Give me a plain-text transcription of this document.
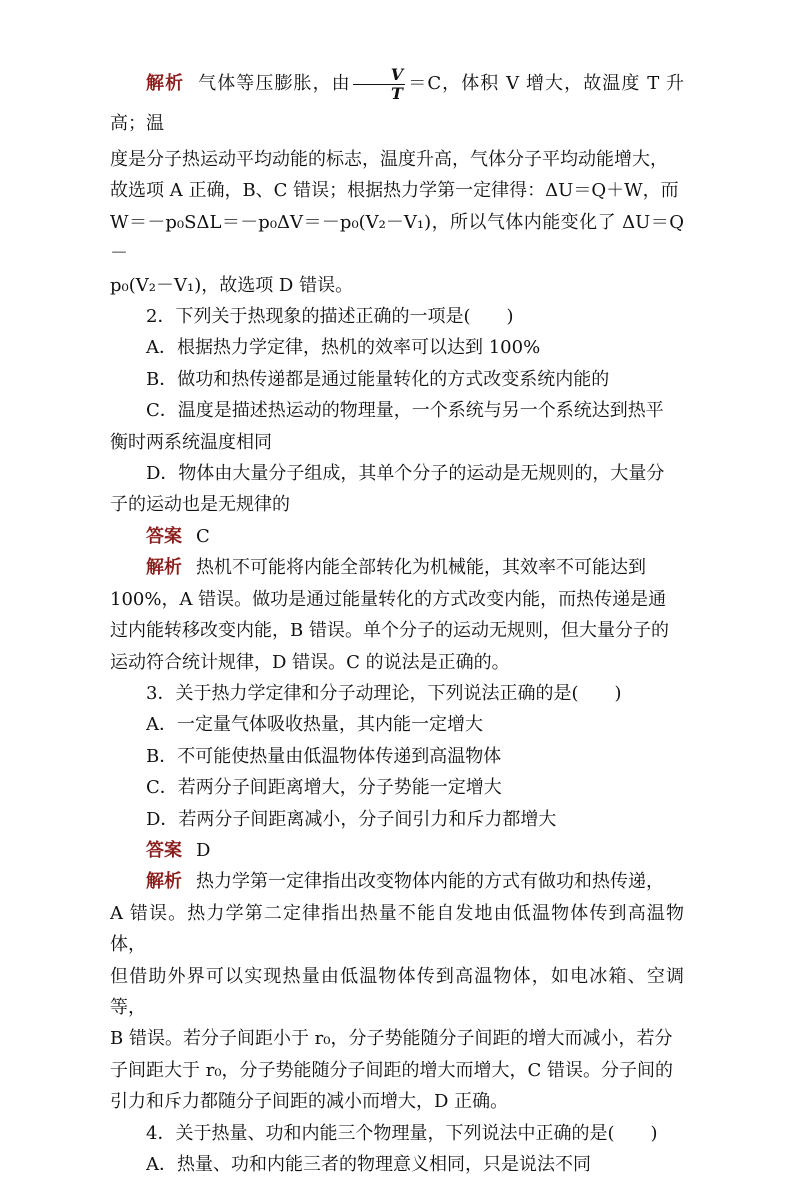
解析 气体等压膨胀，由 $\frac{V}{T} =C$，体积 V 增大，故温度 T 升高；温
度是分子热运动平均动能的标志，温度升高，气体分子平均动能增大，
故选项 A 正确，B、C 错误；根据热力学第一定律得：ΔU＝Q＋W，而
W＝－p₀SΔL＝－p₀ΔV＝－p₀(V₂－V₁)，所以气体内能变化了 ΔU＝Q－
p₀(V₂－V₁)，故选项 D 错误。

2．下列关于热现象的描述正确的一项是(　　)

A．根据热力学定律，热机的效率可以达到 100%

B．做功和热传递都是通过能量转化的方式改变系统内能的

C．温度是描述热运动的物理量，一个系统与另一个系统达到热平
衡时两系统温度相同

D．物体由大量分子组成，其单个分子的运动是无规则的，大量分
子的运动也是无规律的

答案 C

解析 热机不可能将内能全部转化为机械能，其效率不可能达到
100%，A 错误。做功是通过能量转化的方式改变内能，而热传递是通
过内能转移改变内能，B 错误。单个分子的运动无规则，但大量分子的
运动符合统计规律，D 错误。C 的说法是正确的。

3．关于热力学定律和分子动理论，下列说法正确的是(　　)

A．一定量气体吸收热量，其内能一定增大

B．不可能使热量由低温物体传递到高温物体

C．若两分子间距离增大，分子势能一定增大

D．若两分子间距离减小，分子间引力和斥力都增大

答案 D

解析 热力学第一定律指出改变物体内能的方式有做功和热传递，
A 错误。热力学第二定律指出热量不能自发地由低温物体传到高温物体，
但借助外界可以实现热量由低温物体传到高温物体，如电冰箱、空调等，
B 错误。若分子间距小于 r₀，分子势能随分子间距的增大而减小，若分
子间距大于 r₀，分子势能随分子间距的增大而增大，C 错误。分子间的
引力和斥力都随分子间距的减小而增大，D 正确。

4．关于热量、功和内能三个物理量，下列说法中正确的是(　　)

A．热量、功和内能三者的物理意义相同，只是说法不同
